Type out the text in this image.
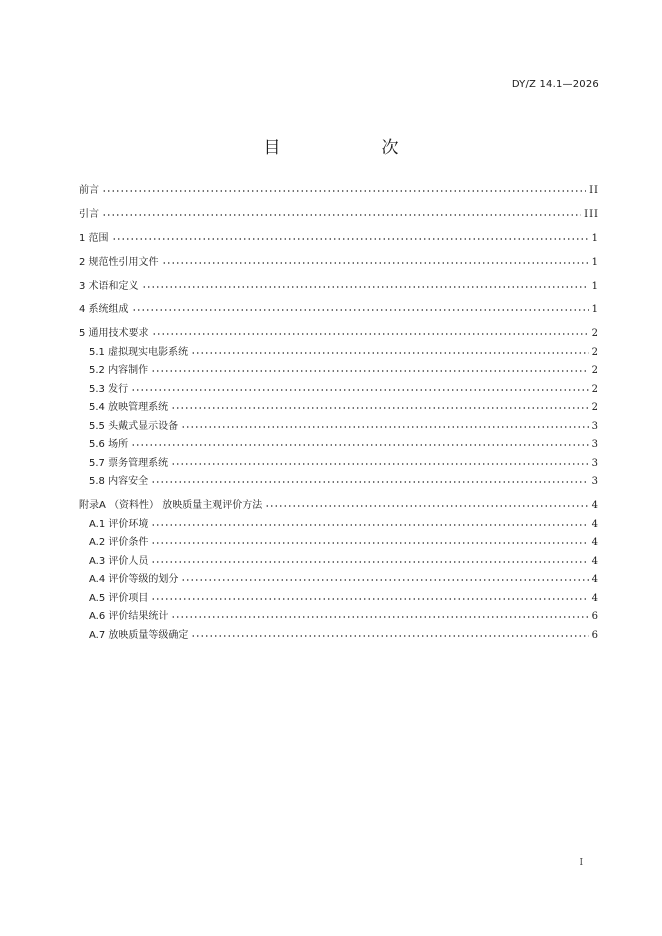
DY/Z 14.1—2026
目　次
前言	II
引言	III
1 范围	1
2 规范性引用文件	1
3 术语和定义	1
4 系统组成	1
5 通用技术要求	2
5.1 虚拟现实电影系统	2
5.2 内容制作	2
5.3 发行	2
5.4 放映管理系统	2
5.5 头戴式显示设备	3
5.6 场所	3
5.7 票务管理系统	3
5.8 内容安全	3
附录A （资料性） 放映质量主观评价方法	4
A.1 评价环境	4
A.2 评价条件	4
A.3 评价人员	4
A.4 评价等级的划分	4
A.5 评价项目	4
A.6 评价结果统计	6
A.7 放映质量等级确定	6
I
